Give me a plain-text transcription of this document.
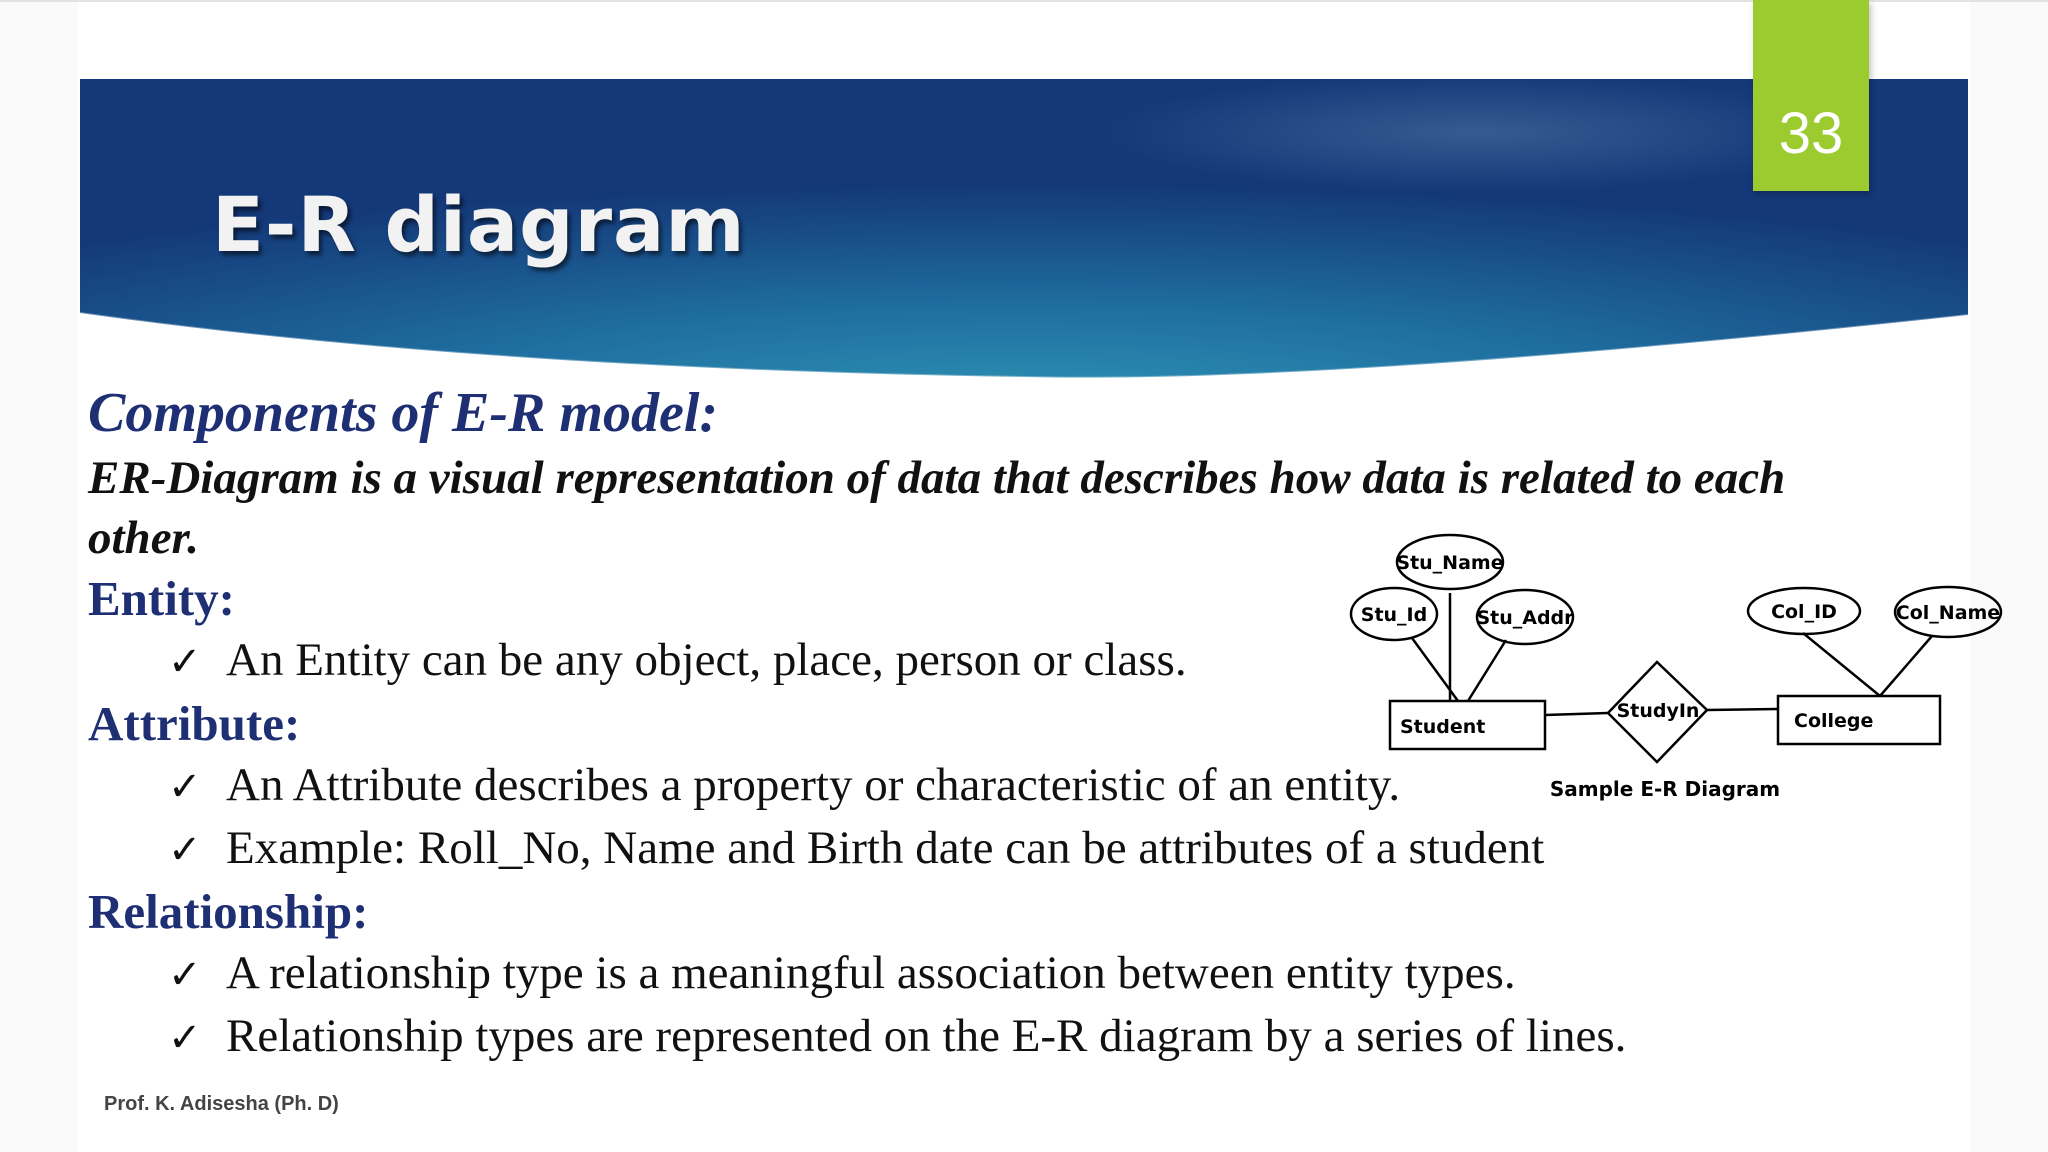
E-R diagram
33
Components of E-R model:
ER-Diagram is a visual representation of data that describes how data is related to each
other.
Entity:
✓ An Entity can be any object, place, person or class.
Attribute:
✓ An Attribute describes a property or characteristic of an entity.
✓ Example: Roll_No, Name and Birth date can be attributes of a student
Relationship:
✓ A relationship type is a meaningful association between entity types.
✓ Relationship types are represented on the E-R diagram by a series of lines.
Stu_Name
Stu_Id	Stu_Addr	Col_ID	Col_Name
Student
StudyIn	College
Sample E-R Diagram

Prof. K. Adisesha (Ph. D)
